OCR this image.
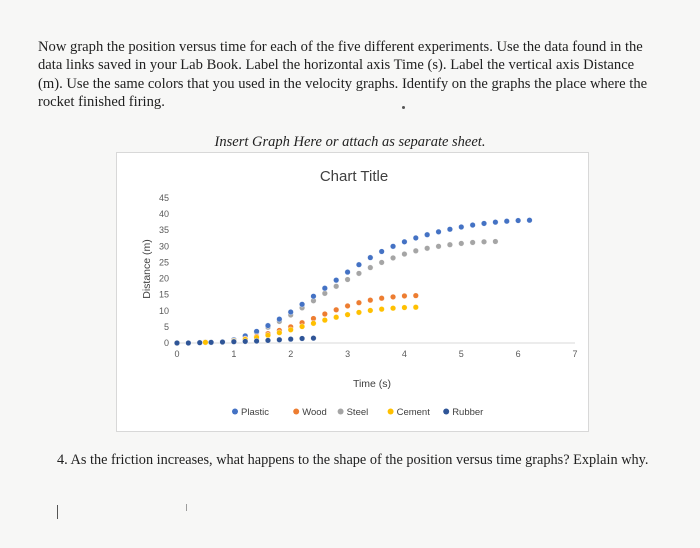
Now graph the position versus time for each of the five different experiments. Use the data found in the data links saved in your Lab Book. Label the horizontal axis Time (s). Label the vertical axis Distance (m). Use the same colors that you used in the velocity graphs. Identify on the graphs the place where the rocket finished firing.
Insert Graph Here or attach as separate sheet.
Chart Title
Time (s)
Distance (m)
Plastic	Wood Steel	Cement Rubber
0	1	2	3	4	5	6	7
0
5
10
15
20
25
30
35
40
45
4. As the friction increases, what happens to the shape of the position versus time graphs? Explain why.
I
